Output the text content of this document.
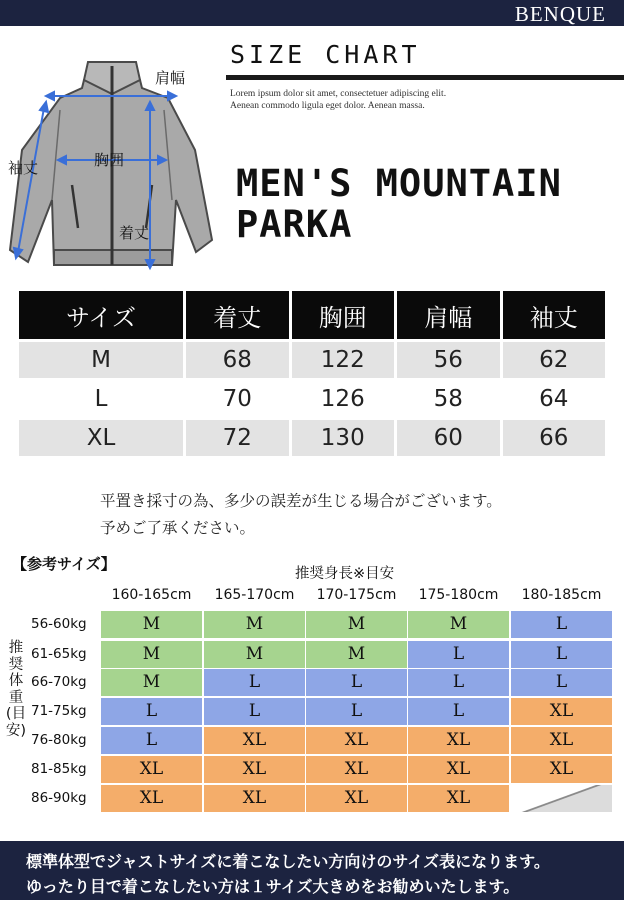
BENQUE
肩幅
袖丈	胸囲
着丈
SIZE CHART
Lorem ipsum dolor sit amet, consectetuer adipiscing elit.
Aenean commodo ligula eget dolor. Aenean massa.
MEN'S MOUNTAIN
PARKA
サイズ	着丈	胸囲	肩幅	袖丈
M	68	122	56	62
L	70	126	58	64
XL	72	130	60	66
平置き採寸の為、多少の誤差が生じる場合がございます。
予めご了承ください。
【参考サイズ】
推奨身長※目安
推奨体重(目安)
160-165cm	165-170cm	170-175cm	175-180cm	180-185cm
56-60kg	M	M	M	M	L
61-65kg	M	M	M	L	L
66-70kg	M	L	L	L	L
71-75kg	L	L	L	L	XL
76-80kg	L	XL	XL	XL	XL
81-85kg	XL	XL	XL	XL	XL
86-90kg	XL	XL	XL	XL
標準体型でジャストサイズに着こなしたい方向けのサイズ表になります。
ゆったり目で着こなしたい方は１サイズ大きめをお勧めいたします。
